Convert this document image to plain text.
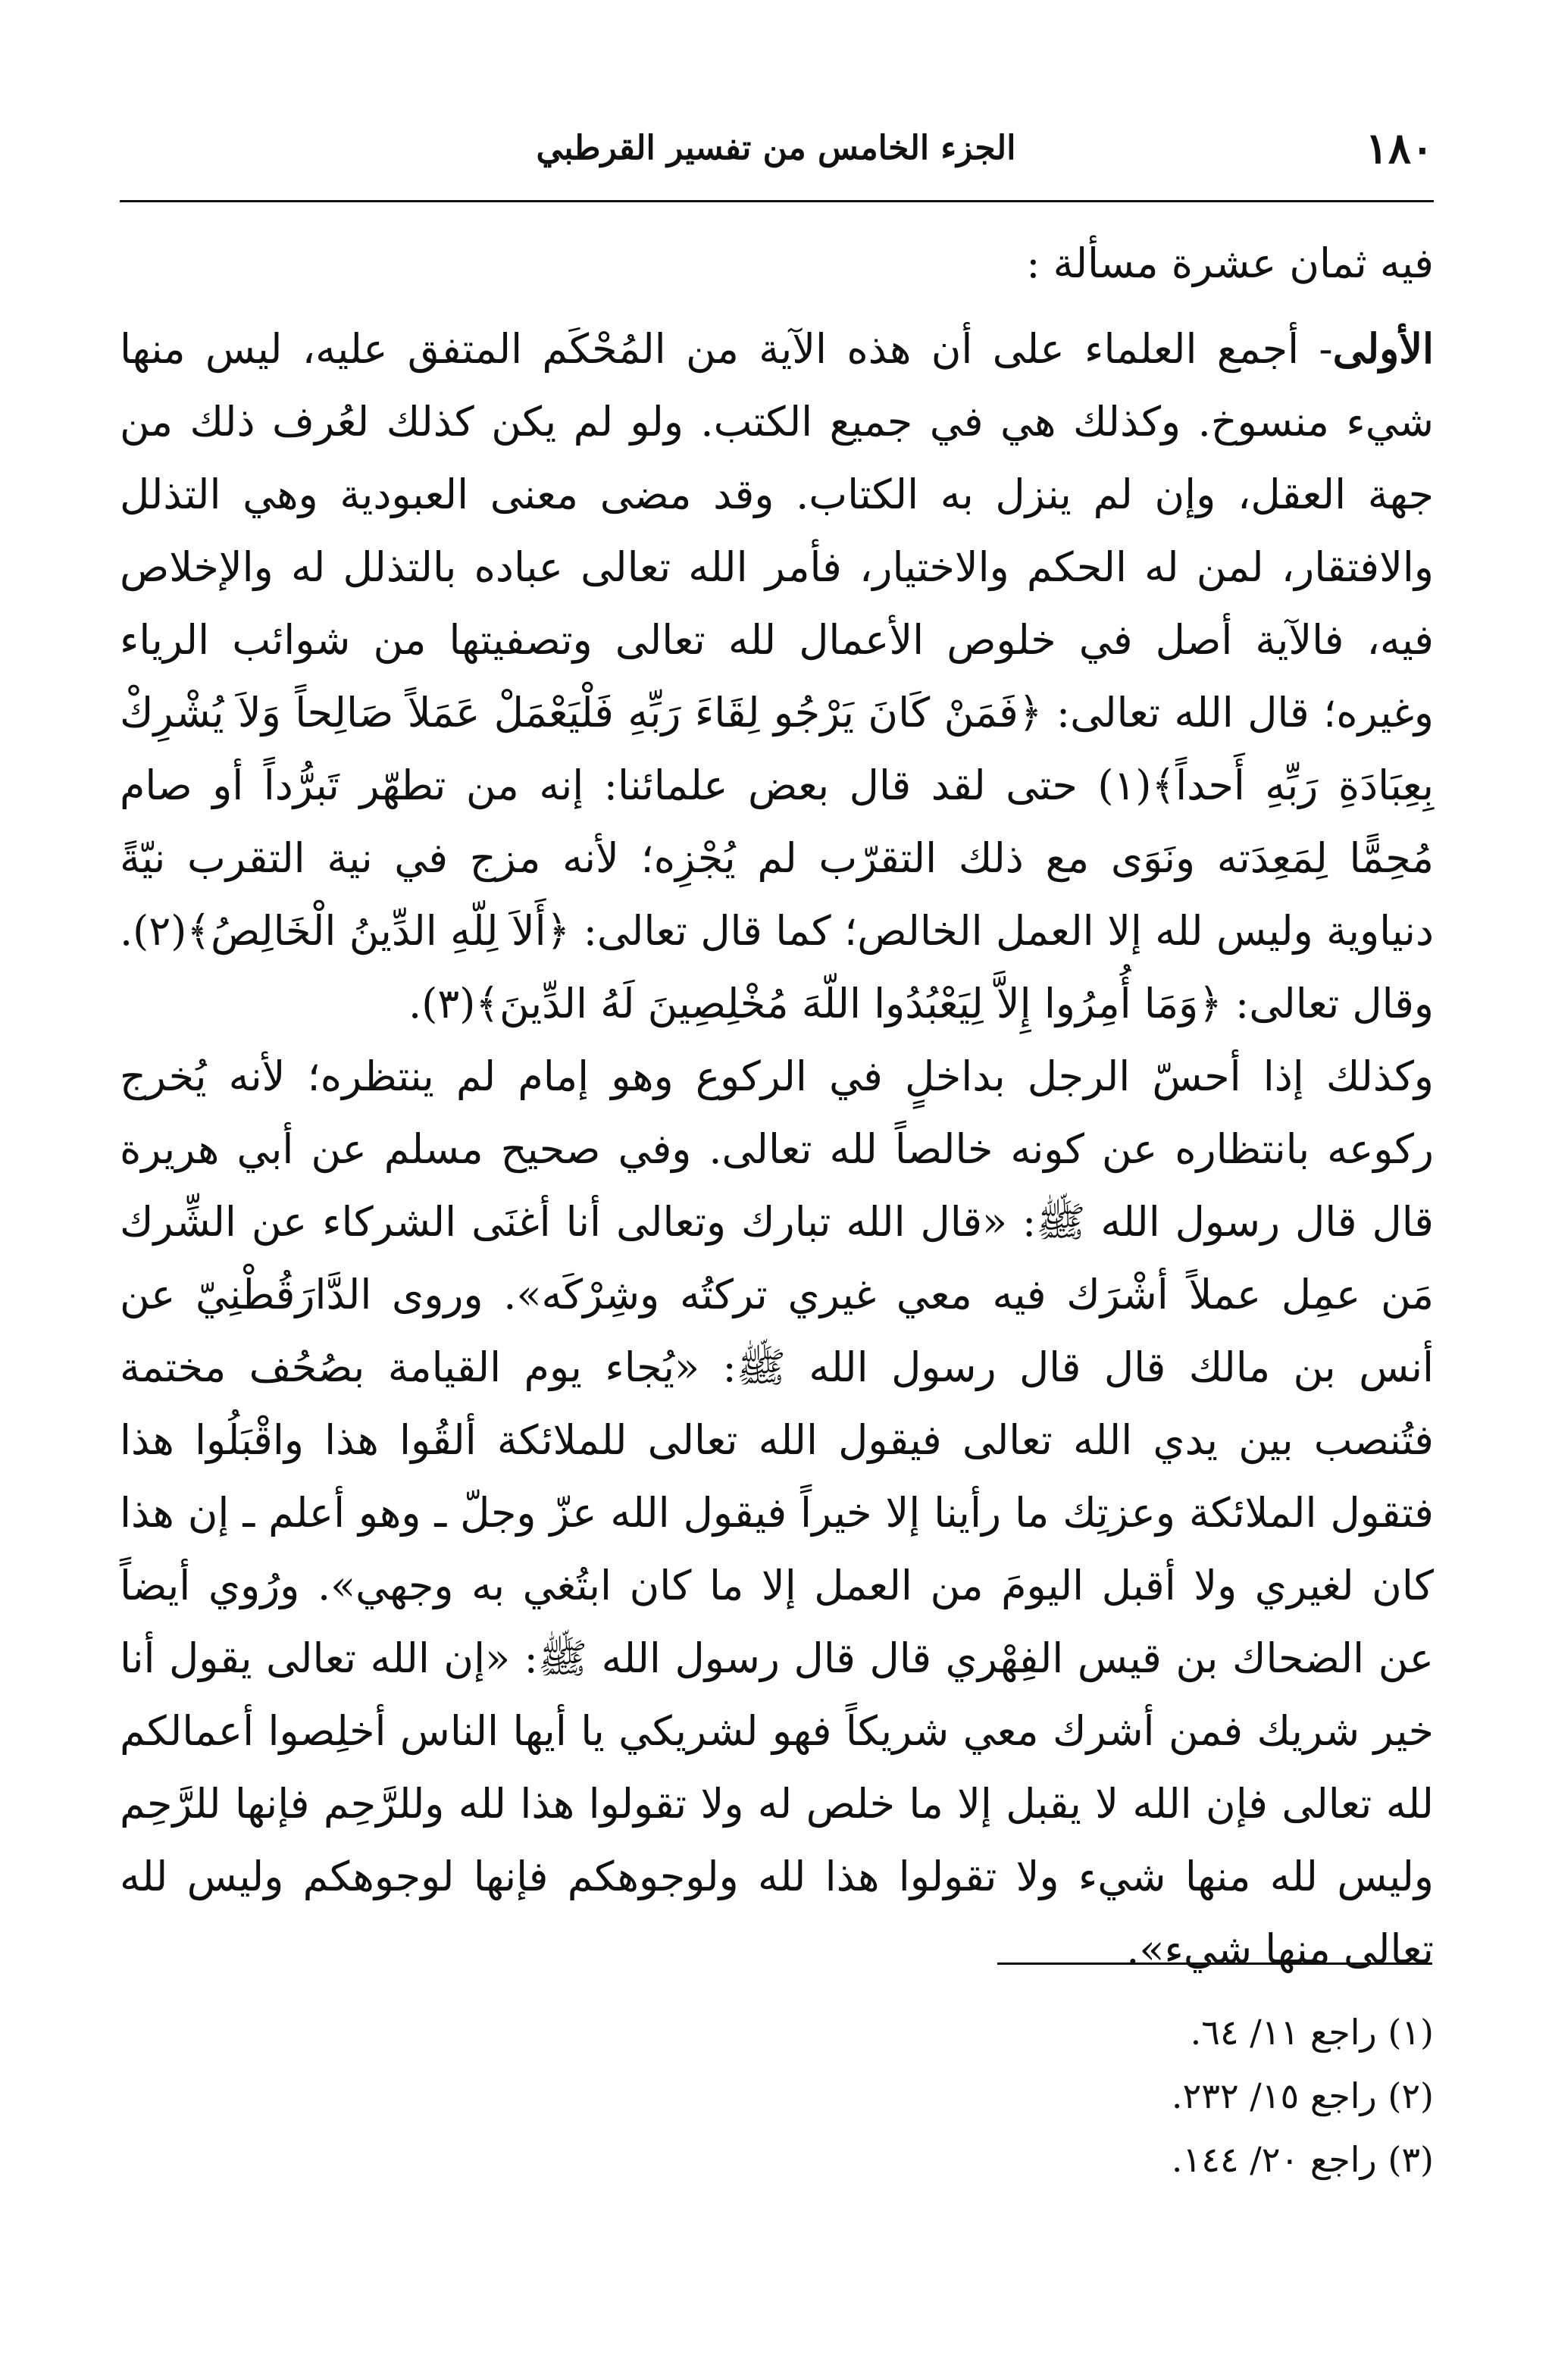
١٨٠
الجزء الخامس من تفسير القرطبي

فيه ثمان عشرة مسألة :

الأولى- أجمع العلماء على أن هذه الآية من المُحْكَم المتفق عليه، ليس منها شيء منسوخ. وكذلك هي في جميع الكتب. ولو لم يكن كذلك لعُرف ذلك من جهة العقل، وإن لم ينزل به الكتاب. وقد مضى معنى العبودية وهي التذلل والافتقار، لمن له الحكم والاختيار، فأمر الله تعالى عباده بالتذلل له والإخلاص فيه، فالآية أصل في خلوص الأعمال لله تعالى وتصفيتها من شوائب الرياء وغيره؛ قال الله تعالى: ﴿فَمَنْ كَانَ يَرْجُو لِقَاءَ رَبِّهِ فَلْيَعْمَلْ عَمَلاً صَالِحاً وَلاَ يُشْرِكْ بِعِبَادَةِ رَبِّهِ أَحداً﴾(١) حتى لقد قال بعض علمائنا: إنه من تطهّر تَبرُّداً أو صام مُحِمًّا لِمَعِدَته ونَوَى مع ذلك التقرّب لم يُجْزِه؛ لأنه مزج في نية التقرب نيّةً دنياوية وليس لله إلا العمل الخالص؛ كما قال تعالى: ﴿أَلاَ لِلّهِ الدِّينُ الْخَالِصُ﴾(٢). وقال تعالى: ﴿وَمَا أُمِرُوا إِلاَّ لِيَعْبُدُوا اللّهَ مُخْلِصِينَ لَهُ الدِّينَ﴾(٣).

وكذلك إذا أحسّ الرجل بداخلٍ في الركوع وهو إمام لم ينتظره؛ لأنه يُخرج ركوعه بانتظاره عن كونه خالصاً لله تعالى. وفي صحيح مسلم عن أبي هريرة قال قال رسول الله ﷺ: «قال الله تبارك وتعالى أنا أغنَى الشركاء عن الشِّرك مَن عمِل عملاً أشْرَك فيه معي غيري تركتُه وشِرْكَه». وروى الدَّارَقُطْنِيّ عن أنس بن مالك قال قال رسول الله ﷺ: «يُجاء يوم القيامة بصُحُف مختمة فتُنصب بين يدي الله تعالى فيقول الله تعالى للملائكة ألقُوا هذا واقْبَلُوا هذا فتقول الملائكة وعزتِك ما رأينا إلا خيراً فيقول الله عزّ وجلّ ـ وهو أعلم ـ إن هذا كان لغيري ولا أقبل اليومَ من العمل إلا ما كان ابتُغي به وجهي». ورُوي أيضاً عن الضحاك بن قيس الفِهْري قال قال رسول الله ﷺ: «إن الله تعالى يقول أنا خير شريك فمن أشرك معي شريكاً فهو لشريكي يا أيها الناس أخلِصوا أعمالكم لله تعالى فإن الله لا يقبل إلا ما خلص له ولا تقولوا هذا لله وللرَّحِم فإنها للرَّحِم وليس لله منها شيء ولا تقولوا هذا لله ولوجوهكم فإنها لوجوهكم وليس لله تعالى منها شيء».

(١) راجع ١١/ ٦٤.

(٢) راجع ١٥/ ٢٣٢.

(٣) راجع ٢٠/ ١٤٤.
